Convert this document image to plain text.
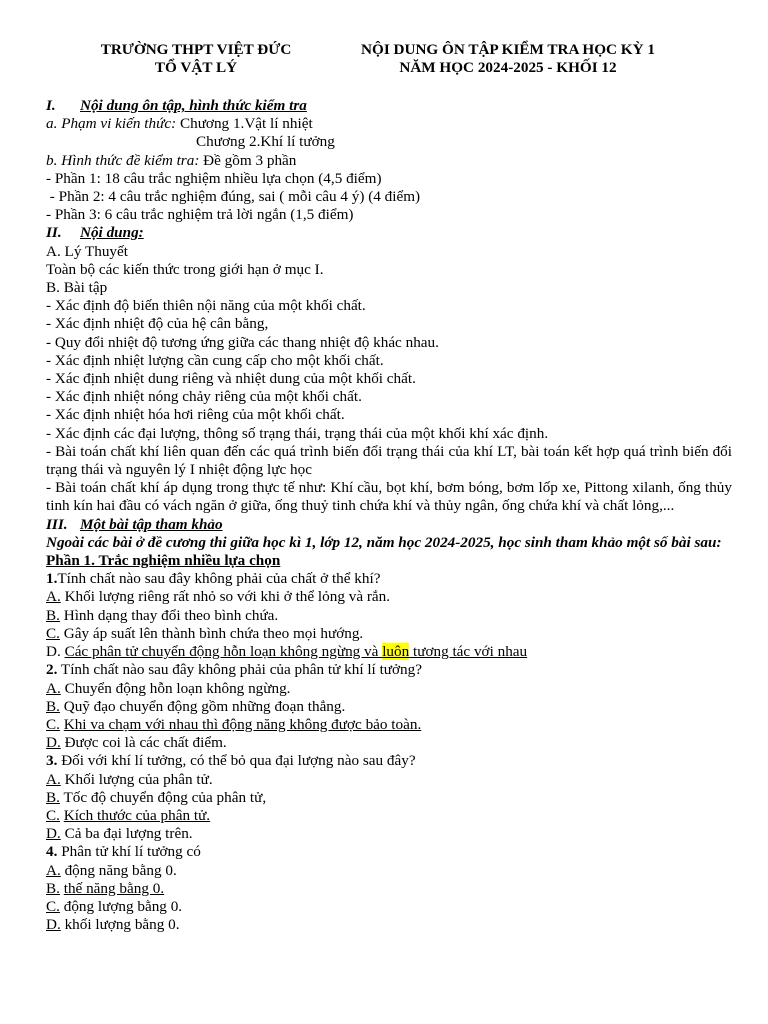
TRƯỜNG THPT VIỆT ĐỨC
TỔ VẬT LÝ
NỘI DUNG ÔN TẬP KIỂM TRA HỌC KỲ 1
NĂM HỌC 2024-2025 - KHỐI 12
I. Nội dung ôn tập, hình thức kiểm tra
a. Phạm vi kiến thức: Chương 1.Vật lí nhiệt
Chương 2.Khí lí tưởng
b. Hình thức đề kiểm tra: Đề gồm 3 phần
- Phần 1: 18 câu trắc nghiệm nhiều lựa chọn (4,5 điểm)
- Phần 2: 4 câu trắc nghiệm đúng, sai ( mỗi câu 4 ý) (4 điểm)
- Phần 3: 6 câu trắc nghiệm trả lời ngắn (1,5 điểm)
II. Nội dung:
A. Lý Thuyết
Toàn bộ các kiến thức trong giới hạn ở mục I.
B. Bài tập
- Xác định độ biến thiên nội năng của một khối chất.
- Xác định nhiệt độ của hệ cân bằng,
- Quy đổi nhiệt độ tương ứng giữa các thang nhiệt độ khác nhau.
- Xác định nhiệt lượng cần cung cấp cho một khối chất.
- Xác định nhiệt dung riêng và nhiệt dung của một khối chất.
- Xác định nhiệt nóng chảy riêng của một khối chất.
- Xác định nhiệt hóa hơi riêng của một khối chất.
- Xác định các đại lượng, thông số trạng thái, trạng thái của một khối khí xác định.
- Bài toán chất khí liên quan đến các quá trình biến đổi trạng thái của khí LT, bài toán kết hợp quá trình biến đổi trạng thái và nguyên lý I nhiệt động lực học
- Bài toán chất khí áp dụng trong thực tế như: Khí cầu, bọt khí, bơm bóng, bơm lốp xe, Pittong xilanh, ống thủy tinh kín hai đầu có vách ngăn ở giữa, ống thuỷ tinh chứa khí và thủy ngân, ống chứa khí và chất lỏng,...
III. Một bài tập tham khảo
Ngoài các bài ở đề cương thi giữa học kì 1, lớp 12, năm học 2024-2025, học sinh tham khảo một số bài sau:
Phần 1. Trắc nghiệm nhiều lựa chọn
1.Tính chất nào sau đây không phải của chất ở thể khí?
A. Khối lượng riêng rất nhỏ so với khi ở thể lỏng và rắn.
B. Hình dạng thay đổi theo bình chứa.
C. Gây áp suất lên thành bình chứa theo mọi hướng.
D. Các phân tử chuyển động hỗn loạn không ngừng và luôn tương tác với nhau
2. Tính chất nào sau đây không phải của phân tử khí lí tưởng?
A. Chuyển động hỗn loạn không ngừng.
B. Quỹ đạo chuyển động gồm những đoạn thẳng.
C. Khi va chạm với nhau thì động năng không được bảo toàn.
D. Được coi là các chất điểm.
3. Đối với khí lí tưởng, có thể bỏ qua đại lượng nào sau đây?
A. Khối lượng của phân tử.
B. Tốc độ chuyển động của phân tử,
C. Kích thước của phân tử.
D. Cả ba đại lượng trên.
4. Phân tử khí lí tưởng có
A. động năng bằng 0.
B. thế năng bằng 0.
C. động lượng bằng 0.
D. khối lượng bằng 0.
